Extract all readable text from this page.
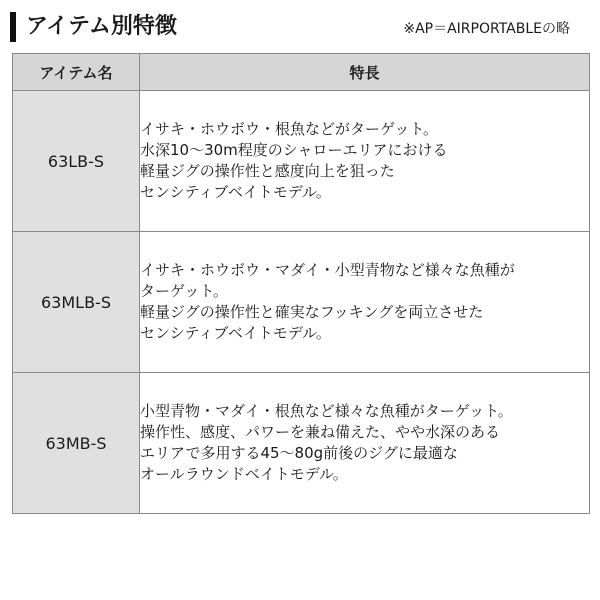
アイテム別特徴	※AP＝AIRPORTABLEの略
アイテム名	特長
63LB-S	イサキ・ホウボウ・根魚などがターゲット。
水深10～30m程度のシャローエリアにおける
軽量ジグの操作性と感度向上を狙った
センシティブベイトモデル。

63MLB-S	イサキ・ホウボウ・マダイ・小型青物など様々な魚種が
ターゲット。
軽量ジグの操作性と確実なフッキングを両立させた
センシティブベイトモデル。

63MB-S	小型青物・マダイ・根魚など様々な魚種がターゲット。
操作性、感度、パワーを兼ね備えた、やや水深のある
エリアで多用する45～80g前後のジグに最適な
オールラウンドベイトモデル。
